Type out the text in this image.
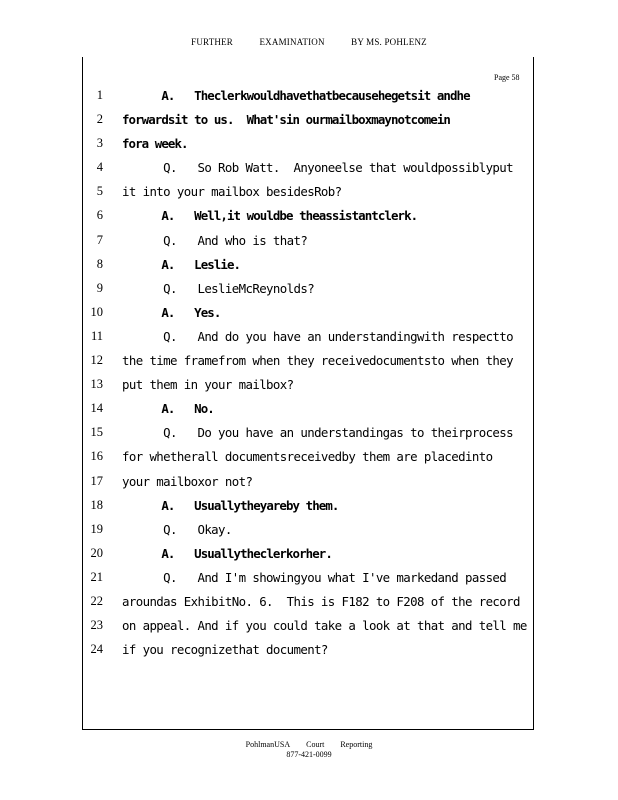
FURTHER	EXAMINATION	BY MS. POHLENZ
Page 58
1
2
3
4
5
6
7
8
9
10
11
12
13
14
15
16
17
18
19
20
21
22
23
24
A.   Theclerkwouldhavethatbecausehegetsit andhe
forwardsit to us.  What'sin ourmailboxmaynotcomein
fora week.
Q.   So Rob Watt.  Anyoneelse that wouldpossiblyput
it into your mailbox besidesRob?
A.   Well,it wouldbe theassistantclerk.
Q.   And who is that?
A.   Leslie.
Q.   LeslieMcReynolds?
A.   Yes.
Q.   And do you have an understandingwith respectto
the time framefrom when they receivedocumentsto when they
put them in your mailbox?
A.   No.
Q.   Do you have an understandingas to theirprocess
for whetherall documentsreceivedby them are placedinto
your mailboxor not?
A.   Usuallytheyareby them.
Q.   Okay.
A.   Usuallytheclerkorher.
Q.   And I'm showingyou what I've markedand passed
aroundas ExhibitNo. 6.  This is F182 to F208 of the record
on appeal. And if you could take a look at that and tell me
if you recognizethat document?
PohlmanUSA Court Reporting
877-421-0099
